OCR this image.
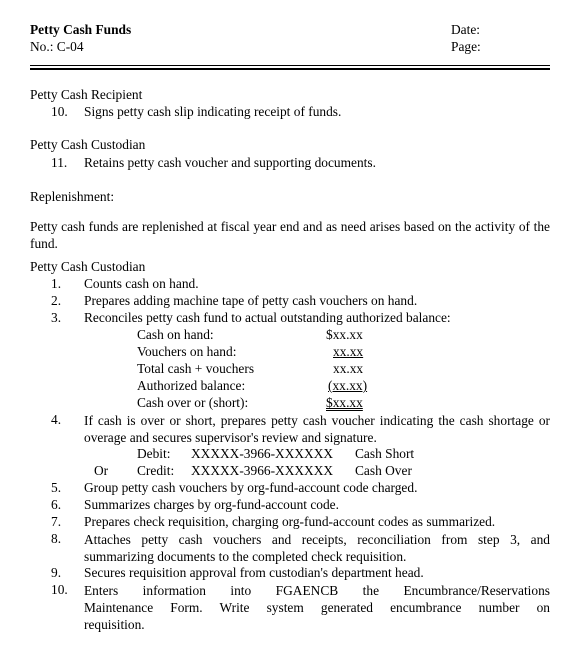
Petty Cash Funds
No.: C-04
Date:
Page:
Petty Cash Recipient
10. Signs petty cash slip indicating receipt of funds.
Petty Cash Custodian
11. Retains petty cash voucher and supporting documents.
Replenishment:
Petty cash funds are replenished at fiscal year end and as need arises based on the activity of the fund.
Petty Cash Custodian
1. Counts cash on hand.
2. Prepares adding machine tape of petty cash vouchers on hand.
3. Reconciles petty cash fund to actual outstanding authorized balance:
Cash on hand:	$xx.xx
Vouchers on hand:	xx.xx
Total cash + vouchers	xx.xx
Authorized balance:	(xx.xx)
Cash over or (short):	$xx.xx
4. If cash is over or short, prepares petty cash voucher indicating the cash shortage or overage and secures supervisor's review and signature.
Debit: XXXXX-3966-XXXXXX Cash Short
Or Credit: XXXXX-3966-XXXXXX Cash Over
5. Group petty cash vouchers by org-fund-account code charged.
6. Summarizes charges by org-fund-account code.
7. Prepares check requisition, charging org-fund-account codes as summarized.
8. Attaches petty cash vouchers and receipts, reconciliation from step 3, and summarizing documents to the completed check requisition.
9. Secures requisition approval from custodian's department head.
10. Enters information into FGAENCB the Encumbrance/Reservations Maintenance Form. Write system generated encumbrance number on requisition.
